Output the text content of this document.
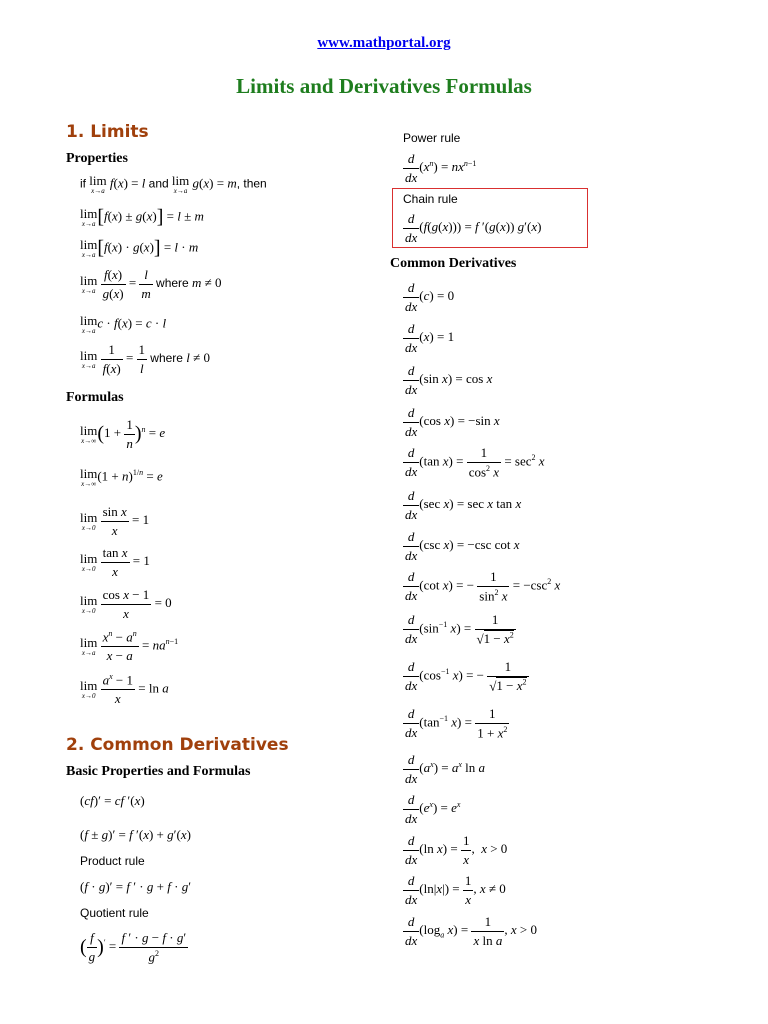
www.mathportal.org
Limits and Derivatives Formulas
1. Limits
Properties
if lim
x→a
f(x) = l and lim
x→a
g(x) = m, then
lim
x→a [f(x) ± g(x)] = l ± m
lim
x→a [f(x) · g(x)] = l · m
lim
x→a
$\frac{f(x)}{g(x)} = \frac{l}{m}$ where m ≠ 0
lim
x→a
c · f(x) = c · l
lim
x→a
$\frac{1}{f(x)} = \frac{1}{l}$ where l ≠ 0
Formulas
lim
x→∞ $(1 + \frac{1}{n} )^n = e$
lim
x→∞
$(1 + n)^{1/n} = e$
lim
x→0
$\frac{\text{sin x}}{x} = 1$
lim
x→0
$\frac{\text{tan x}}{x} = 1$
lim
x→0
$\frac{\text{cos x − 1}}{x} = 0$
lim
x→a
$\frac{x^n - a^n}{x - a} = na^{n-1}$
lim
x→0
$\frac{a^x - 1}{x} = \ln a$
2. Common Derivatives
Basic Properties and Formulas
(cf)′ = cf ′(x)
(f ± g)′ = f ′(x) + g′(x)
Product rule
(f · g)′ = f ′ · g + f · g′
Quotient rule
( $\frac{f}{g} )' = \frac{f ' \cdot g - f \cdot g'}{g^2}$
Power rule
$\frac{d}{dx} (x^n) = nx^{n-1}$
Chain rule
$\frac{d}{dx} (f(g(x))) = f$ ′(g(x)) g′(x)
Common Derivatives
$\frac{d}{dx} (c) = 0$
$\frac{d}{dx} (x) = 1$
$\frac{d}{dx} (\sin$ x) = cos x
$\frac{d}{dx} (\cos$ x) = −sin x
$\frac{d}{dx} (\tan$ $x) = \frac{1}{\cos^2 x} = \sec^2 x$
$\frac{d}{dx} (\sec$ x) = sec x tan x
$\frac{d}{dx} (\csc$ x) = −csc cot x
$\frac{d}{dx} (\cot$ x) = − $\frac{1}{\sin^2 x} = -\csc^2$ x
$\frac{d}{dx} (\sin^{-1}$ $x) = \frac{1}{√1 - x^2}$
$\frac{d}{dx} (\cos^{-1}$ x) = − $\frac{1}{√1 - x^2}$
$\frac{d}{dx} (\tan^{-1}$ $x) = \frac{1}{1 + x^2}$
$\frac{d}{dx} (a^x) = a^x$ ln a
$\frac{d}{dx} (e^x) = e^x$
$\frac{d}{dx} (\ln$ $x) = \frac{1}{x}$ ,  x > 0
$\frac{d}{dx} (\ln|x|) = \frac{1}{x}$ , x ≠ 0
$\frac{d}{dx} (\log_a$ $x) = \frac{1}{\text{x ln a}}$ , x > 0
